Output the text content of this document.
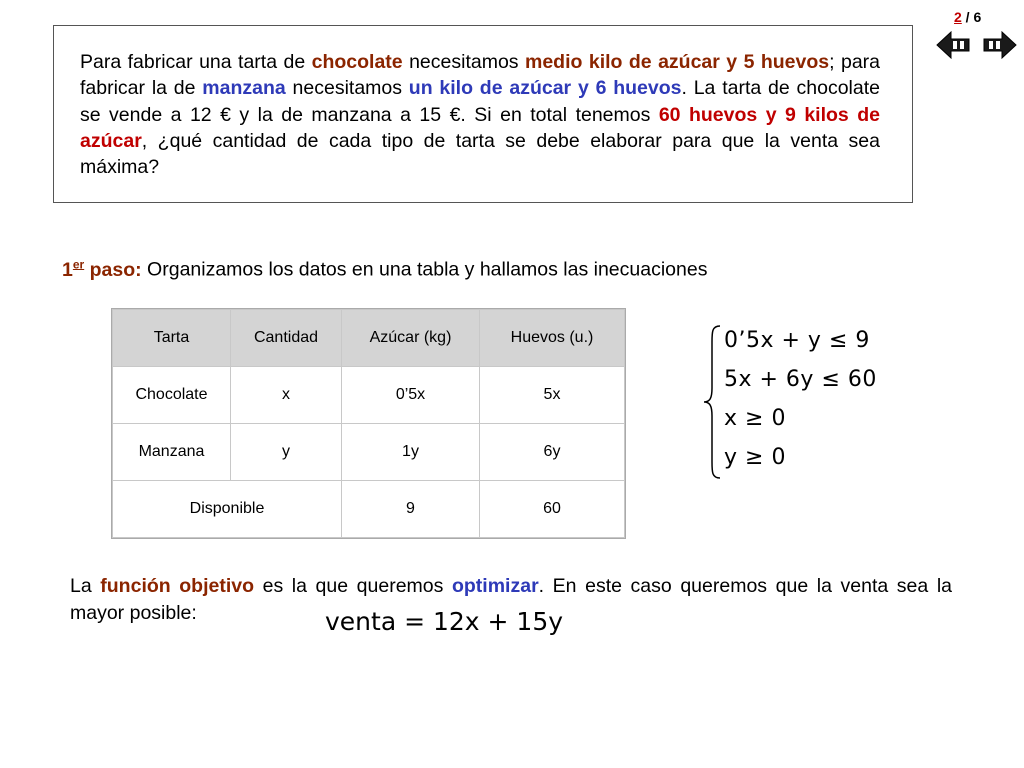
2 / 6
Para fabricar una tarta de chocolate necesitamos medio kilo de azúcar y 5 huevos; para fabricar la de manzana necesitamos un kilo de azúcar y 6 huevos. La tarta de chocolate se vende a 12 € y la de manzana a 15 €. Si en total tenemos 60 huevos y 9 kilos de azúcar, ¿qué cantidad de cada tipo de tarta se debe elaborar para que la venta sea máxima?
1er paso: Organizamos los datos en una tabla y hallamos las inecuaciones
Tarta	Cantidad	Azúcar (kg)	Huevos (u.)
Chocolate	x	0’5x	5x
Manzana	y	1y	6y
Disponible		9	60
0’5x + y ≤ 9
5x + 6y ≤ 60
x ≥ 0
y ≥ 0
La función objetivo es la que queremos optimizar. En este caso queremos que la venta sea la mayor posible:	venta = 12x + 15y
